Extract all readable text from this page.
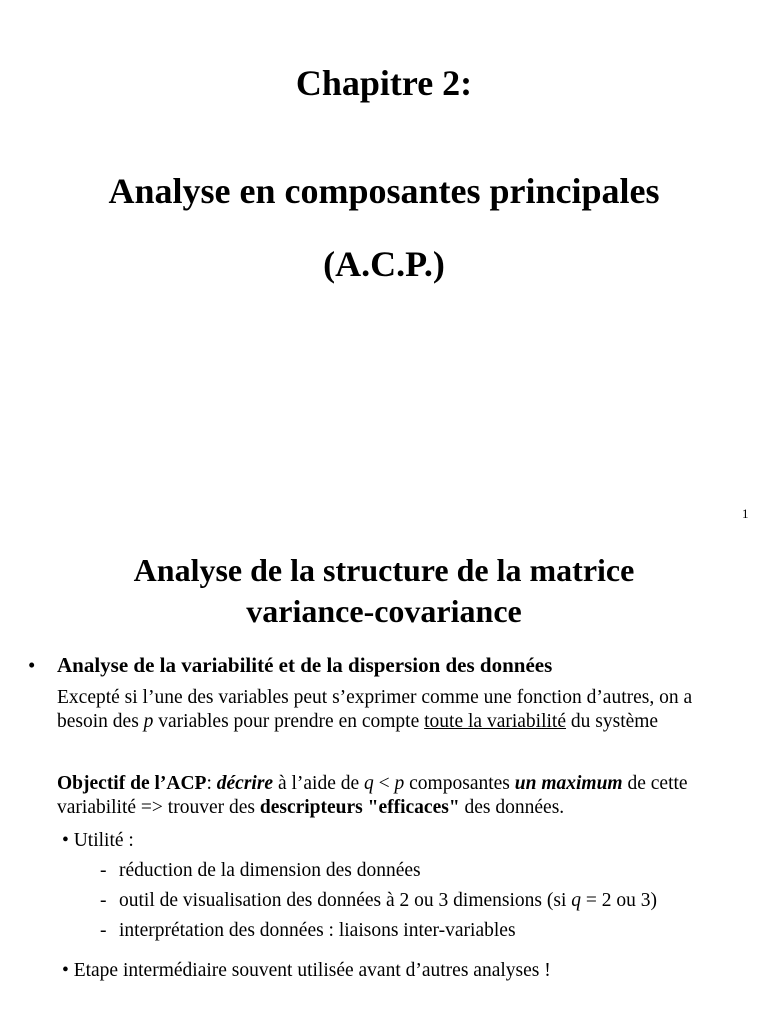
Chapitre 2:
Analyse en composantes principales
(A.C.P.)
1
Analyse de la structure de la matrice
variance-covariance
• Analyse de la variabilité et de la dispersion des données
Excepté si l’une des variables peut s’exprimer comme une fonction d’autres, on a besoin des p variables pour prendre en compte toute la variabilité du système
Objectif de l’ACP: décrire à l’aide de q < p composantes un maximum de cette variabilité => trouver des descripteurs "efficaces" des données.
• Utilité :
- réduction de la dimension des données
- outil de visualisation des données à 2 ou 3 dimensions (si q = 2 ou 3)
- interprétation des données : liaisons inter-variables
• Etape intermédiaire souvent utilisée avant d’autres analyses !
